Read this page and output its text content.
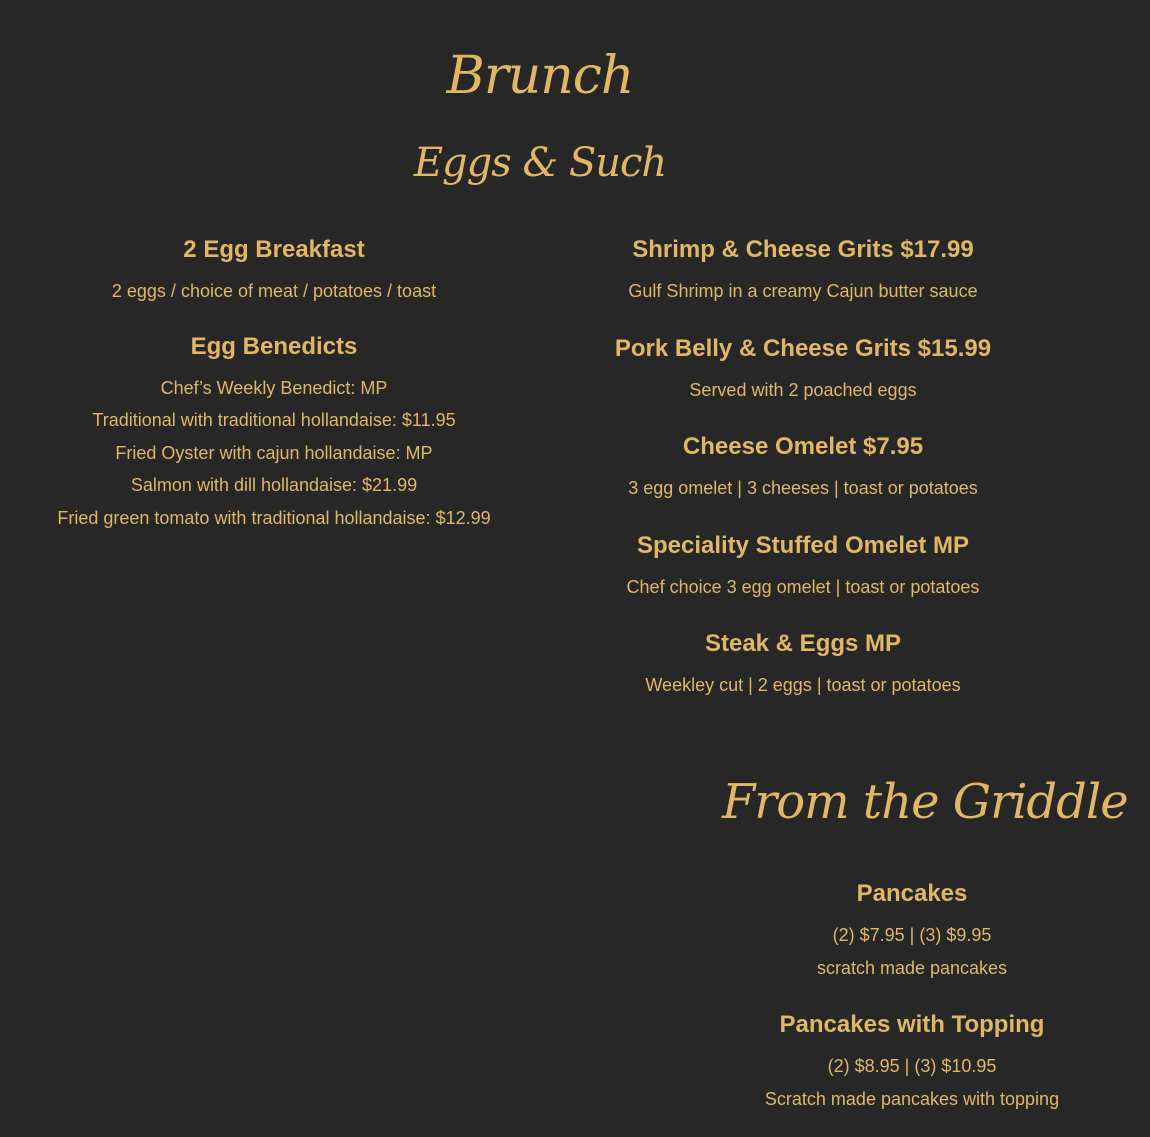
Brunch
Eggs & Such
2 Egg Breakfast

2 eggs / choice of meat / potatoes / toast

Egg Benedicts

Chef’s Weekly Benedict: MP

Traditional with traditional hollandaise: $11.95

Fried Oyster with cajun hollandaise: MP

Salmon with dill hollandaise: $21.99

Fried green tomato with traditional hollandaise: $12.99

Shrimp & Cheese Grits $17.99

Gulf Shrimp in a creamy Cajun butter sauce

Pork Belly & Cheese Grits $15.99

Served with 2 poached eggs

Cheese Omelet $7.95

3 egg omelet | 3 cheeses | toast or potatoes

Speciality Stuffed Omelet MP

Chef choice 3 egg omelet | toast or potatoes

Steak & Eggs MP

Weekley cut | 2 eggs | toast or potatoes

From the Griddle
Pancakes

(2) $7.95 | (3) $9.95

scratch made pancakes

Pancakes with Topping

(2) $8.95 | (3) $10.95

Scratch made pancakes with topping
